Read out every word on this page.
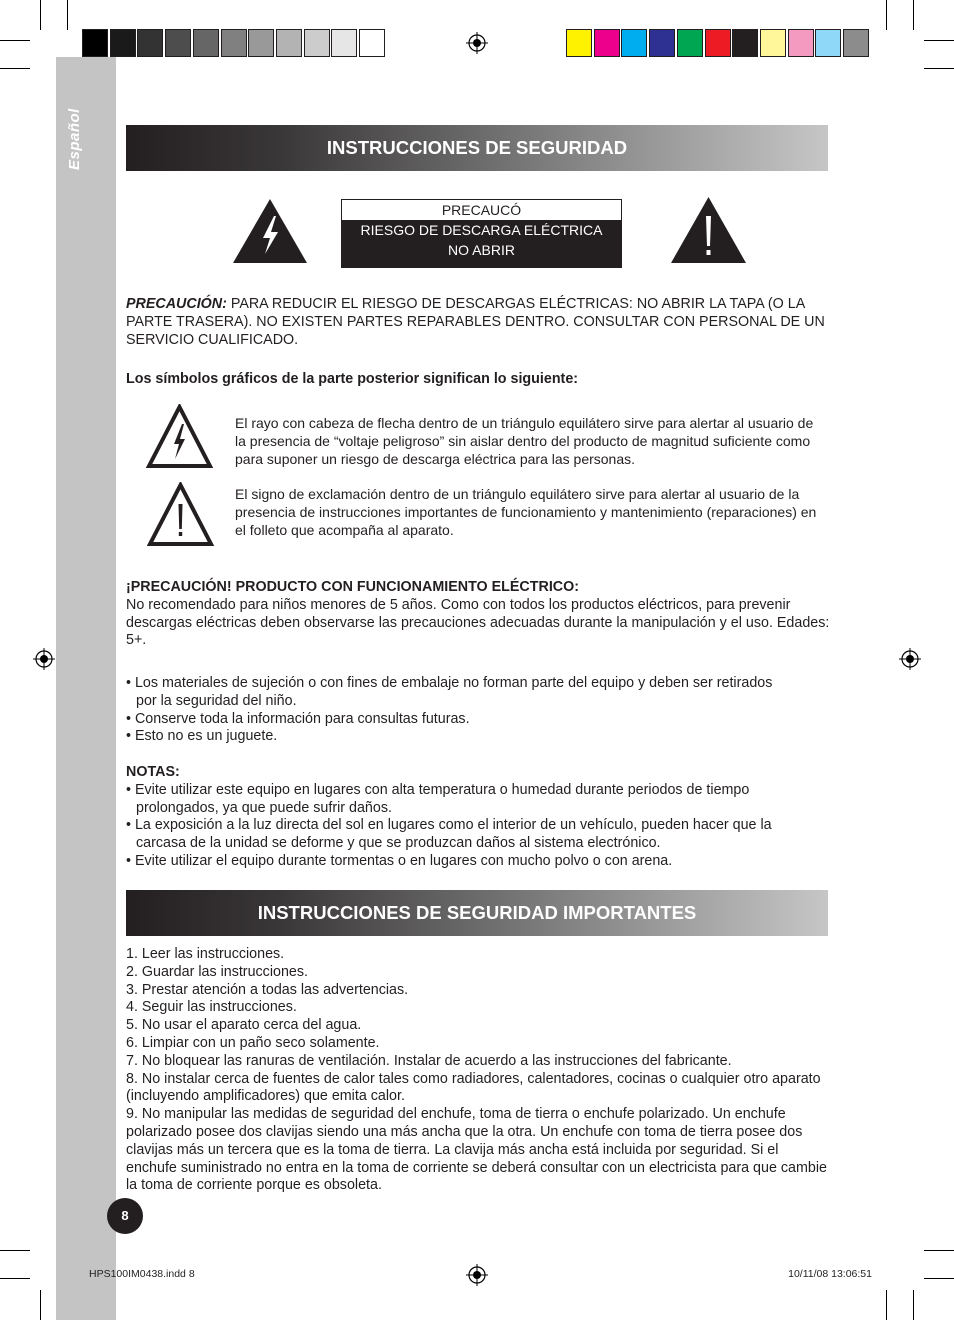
Español	INSTRUCCIONES DE SEGURIDAD
PRECAUCÓ
RIESGO DE DESCARGA ELÉCTRICA
NO ABRIR
PRECAUCIÓN: PARA REDUCIR EL RIESGO DE DESCARGAS ELÉCTRICAS: NO ABRIR LA TAPA (O LA PARTE TRASERA). NO EXISTEN PARTES REPARABLES DENTRO. CONSULTAR CON PERSONAL DE UN SERVICIO CUALIFICADO.
Los símbolos gráficos de la parte posterior significan lo siguiente:
El rayo con cabeza de flecha dentro de un triángulo equilátero sirve para alertar al usuario de la presencia de “voltaje peligroso” sin aislar dentro del producto de magnitud suficiente como para suponer un riesgo de descarga eléctrica para las personas.
El signo de exclamación dentro de un triángulo equilátero sirve para alertar al usuario de la presencia de instrucciones importantes de funcionamiento y mantenimiento (reparaciones) en el folleto que acompaña al aparato.
¡PRECAUCIÓN! PRODUCTO CON FUNCIONAMIENTO ELÉCTRICO:
No recomendado para niños menores de 5 años. Como con todos los productos eléctricos, para prevenir descargas eléctricas deben observarse las precauciones adecuadas durante la manipulación y el uso. Edades: 5+.
• Los materiales de sujeción o con fines de embalaje no forman parte del equipo y deben ser retirados
por la seguridad del niño.
• Conserve toda la información para consultas futuras.
• Esto no es un juguete.
NOTAS:
• Evite utilizar este equipo en lugares con alta temperatura o humedad durante periodos de tiempo
prolongados, ya que puede sufrir daños.
• La exposición a la luz directa del sol en lugares como el interior de un vehículo, pueden hacer que la
carcasa de la unidad se deforme y que se produzcan daños al sistema electrónico.
• Evite utilizar el equipo durante tormentas o en lugares con mucho polvo o con arena.
INSTRUCCIONES DE SEGURIDAD IMPORTANTES
1. Leer las instrucciones.
2. Guardar las instrucciones.
3. Prestar atención a todas las advertencias.
4. Seguir las instrucciones.
5. No usar el aparato cerca del agua.
6. Limpiar con un paño seco solamente.
7. No bloquear las ranuras de ventilación. Instalar de acuerdo a las instrucciones del fabricante.
8. No instalar cerca de fuentes de calor tales como radiadores, calentadores, cocinas o cualquier otro aparato (incluyendo amplificadores) que emita calor.
9. No manipular las medidas de seguridad del enchufe, toma de tierra o enchufe polarizado. Un enchufe polarizado posee dos clavijas siendo una más ancha que la otra. Un enchufe con toma de tierra posee dos clavijas más un tercera que es la toma de tierra. La clavija más ancha está incluida por seguridad. Si el enchufe suministrado no entra en la toma de corriente se deberá consultar con un electricista para que cambie la toma de corriente porque es obsoleta.
8
HPS100IM0438.indd 8	10/11/08 13:06:51
